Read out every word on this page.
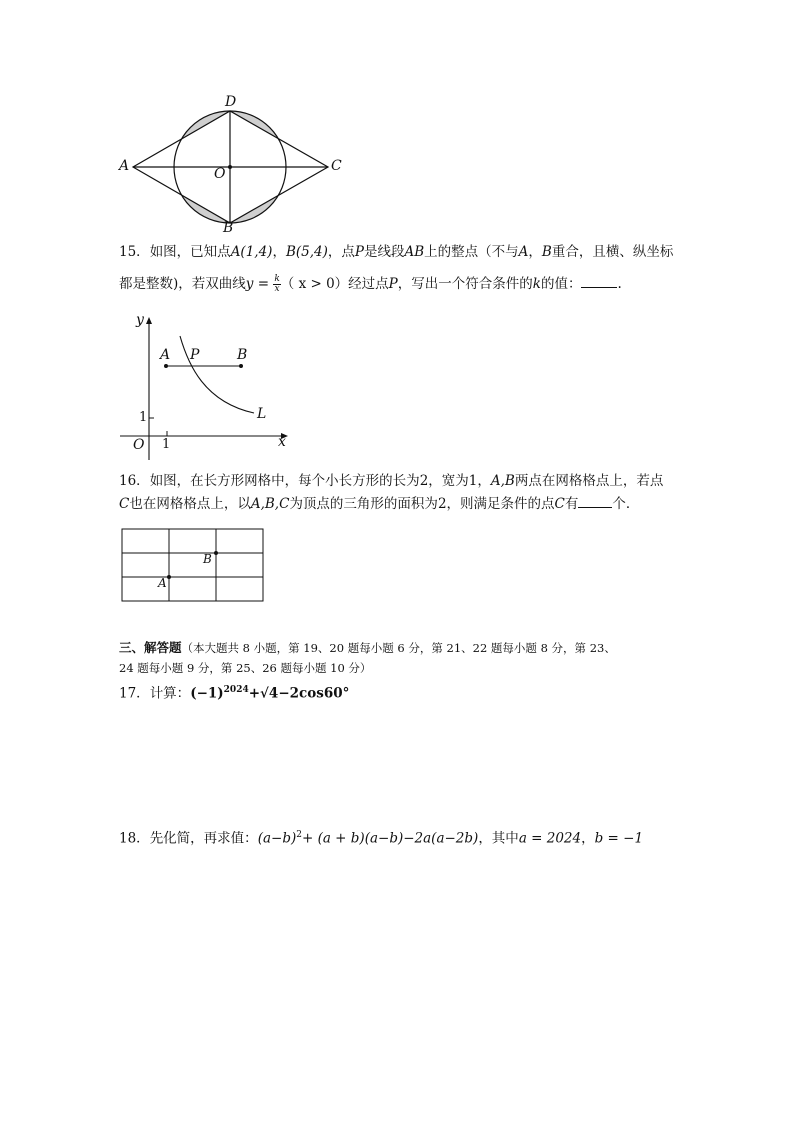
A	C
D
B
O
15．如图，已知点A(1,4)，B(5,4)，点P是线段AB上的整点（不与A，B重合，且横、纵坐标
都是整数)，若双曲线$y = \frac{k}{x}$ （ x > 0）经过点P，写出一个符合条件的k的值：	.
y
x
O
1
1
A P	B
L
16．如图，在长方形网格中，每个小长方形的长为2，宽为1，A,B两点在网格格点上，若点
C也在网格格点上，以A,B,C为顶点的三角形的面积为2，则满足条件的点C有	个．
A
B
三、解答题（本大题共 8 小题，第 19、20 题每小题 6 分，第 21、22 题每小题 8 分，第 23、
24 题每小题 9 分，第 25、26 题每小题 10 分）
17．计算：$(-1)^{2024}+√4-2\cos 60^\circ$
18．先化简，再求值：$(a-b)^2+ (a + b)(a-b)-2a(a-2b)$，其中a = 2024，b = −1
